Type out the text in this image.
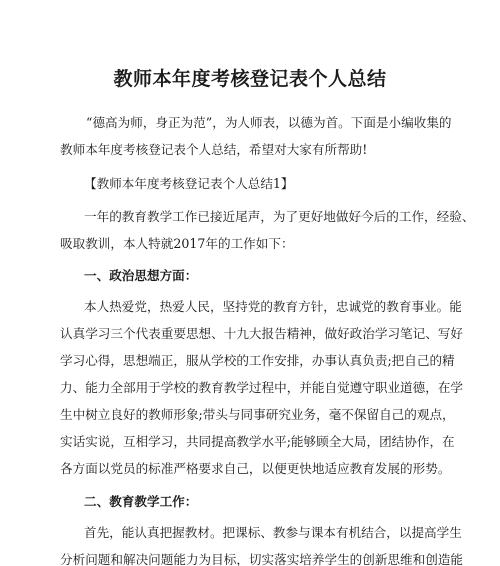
教师本年度考核登记表个人总结
“德高为师，身正为范”，为人师表，以德为首。下面是小编收集的
教师本年度考核登记表个人总结，希望对大家有所帮助!
【教师本年度考核登记表个人总结1】
一年的教育教学工作已接近尾声，为了更好地做好今后的工作，经验、
吸取教训，本人特就2017年的工作如下：
一、政治思想方面：
本人热爱党，热爱人民，坚持党的教育方针，忠诚党的教育事业。能
认真学习三个代表重要思想、十九大报告精神，做好政治学习笔记、写好
学习心得，思想端正，服从学校的工作安排，办事认真负责;把自己的精
力、能力全部用于学校的教育教学过程中，并能自觉遵守职业道德，在学
生中树立良好的教师形象;带头与同事研究业务，毫不保留自己的观点，
实话实说，互相学习，共同提高教学水平;能够顾全大局，团结协作，在
各方面以党员的标准严格要求自己，以便更快地适应教育发展的形势。
二、教育教学工作：
首先，能认真把握教材。把课标、教参与课本有机结合，以提高学生
分析问题和解决问题能力为目标，切实落实培养学生的创新思维和创造能
